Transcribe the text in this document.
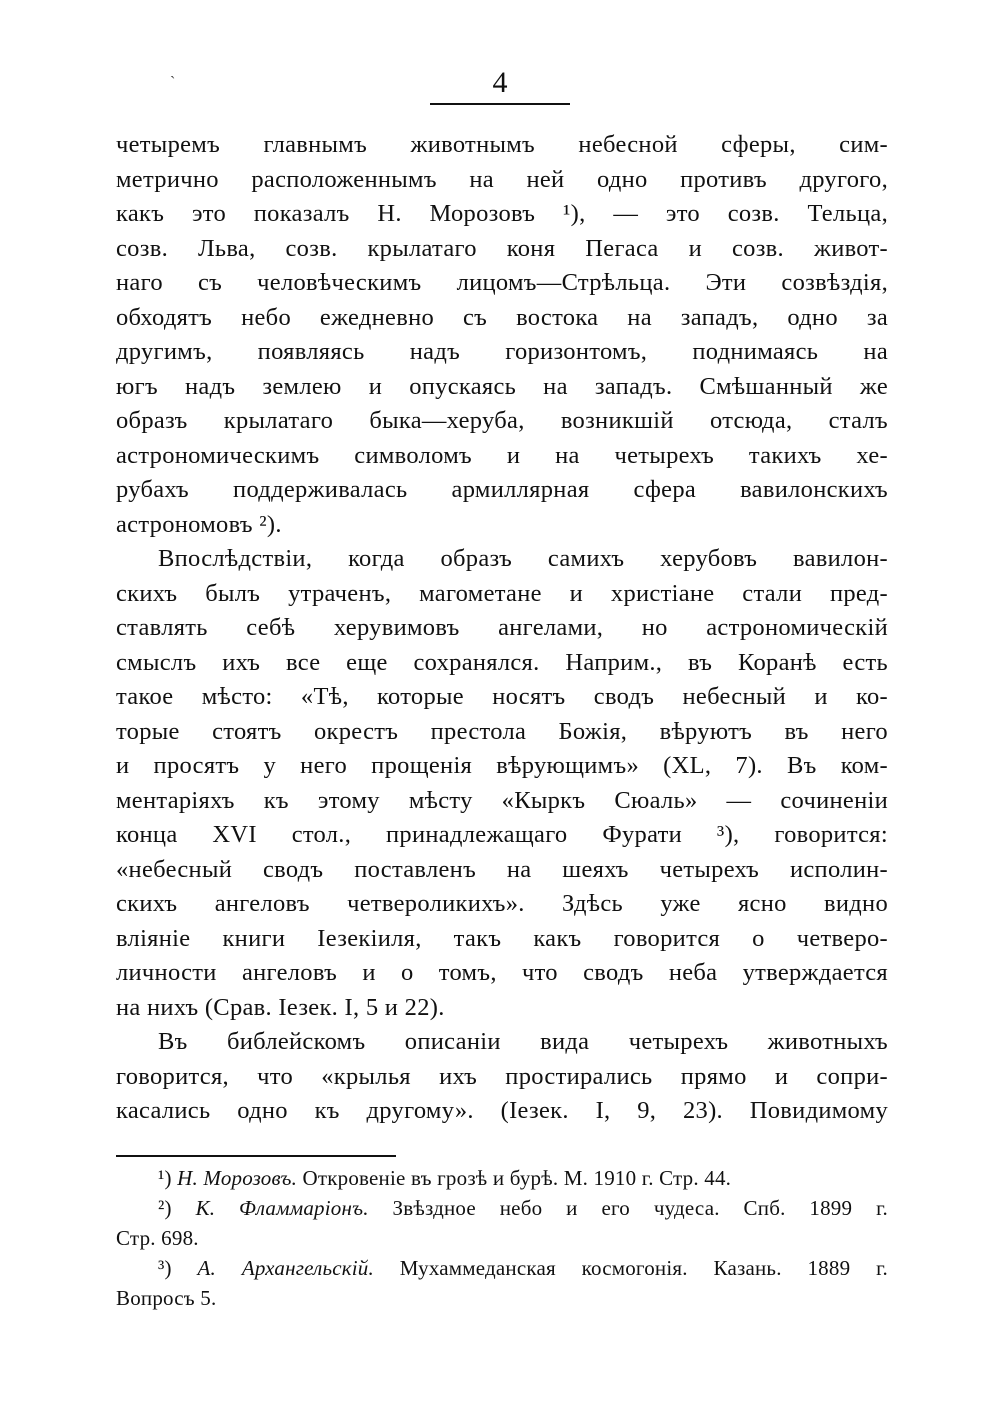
ˋ	4
четыремъ главнымъ животнымъ небесной сферы, сим-
метрично расположеннымъ на ней одно противъ другого,
какъ это показалъ Н. Морозовъ ¹), — это созв. Тельца,
созв. Льва, созв. крылатаго коня Пегаса и созв. живот-
наго съ человѣческимъ лицомъ—Стрѣльца. Эти созвѣздія,
обходятъ небо ежедневно съ востока на западъ, одно за
другимъ, появляясь надъ горизонтомъ, поднимаясь на
югъ надъ землею и опускаясь на западъ. Смѣшанный же
образъ крылатаго быка—херуба, возникшій отсюда, сталъ
астрономическимъ символомъ и на четырехъ такихъ хе-
рубахъ поддерживалась армиллярная сфера вавилонскихъ
астрономовъ ²).
Впослѣдствіи, когда образъ самихъ херубовъ вавилон-
скихъ былъ утраченъ, магометане и христіане стали пред-
ставлять себѣ херувимовъ ангелами, но астрономическій
смыслъ ихъ все еще сохранялся. Наприм., въ Коранѣ есть
такое мѣсто: «Тѣ, которые носятъ сводъ небесный и ко-
торые стоятъ окрестъ престола Божія, вѣруютъ въ него
и просятъ у него прощенія вѣрующимъ» (XL, 7). Въ ком-
ментаріяхъ къ этому мѣсту «Кыркъ Сюаль» — сочиненіи
конца XVI стол., принадлежащаго Фурати ³), говорится:
«небесный сводъ поставленъ на шеяхъ четырехъ исполин-
скихъ ангеловъ четвероликихъ». Здѣсь уже ясно видно
вліяніе книги Іезекіиля, такъ какъ говорится о четверо-
личности ангеловъ и о томъ, что сводъ неба утверждается
на нихъ (Срав. Іезек. I, 5 и 22).
Въ библейскомъ описаніи вида четырехъ животныхъ
говорится, что «крылья ихъ простирались прямо и сопри-
касались одно къ другому». (Іезек. I, 9, 23). Повидимому
¹) Н. Морозовъ. Откровеніе въ грозѣ и бурѣ. М. 1910 г. Стр. 44.
²) К. Фламмаріонъ. Звѣздное небо и его чудеса. Спб. 1899 г.
Стр. 698.
³) А. Архангельскій. Мухаммеданская космогонія. Казань. 1889 г.
Вопросъ 5.
